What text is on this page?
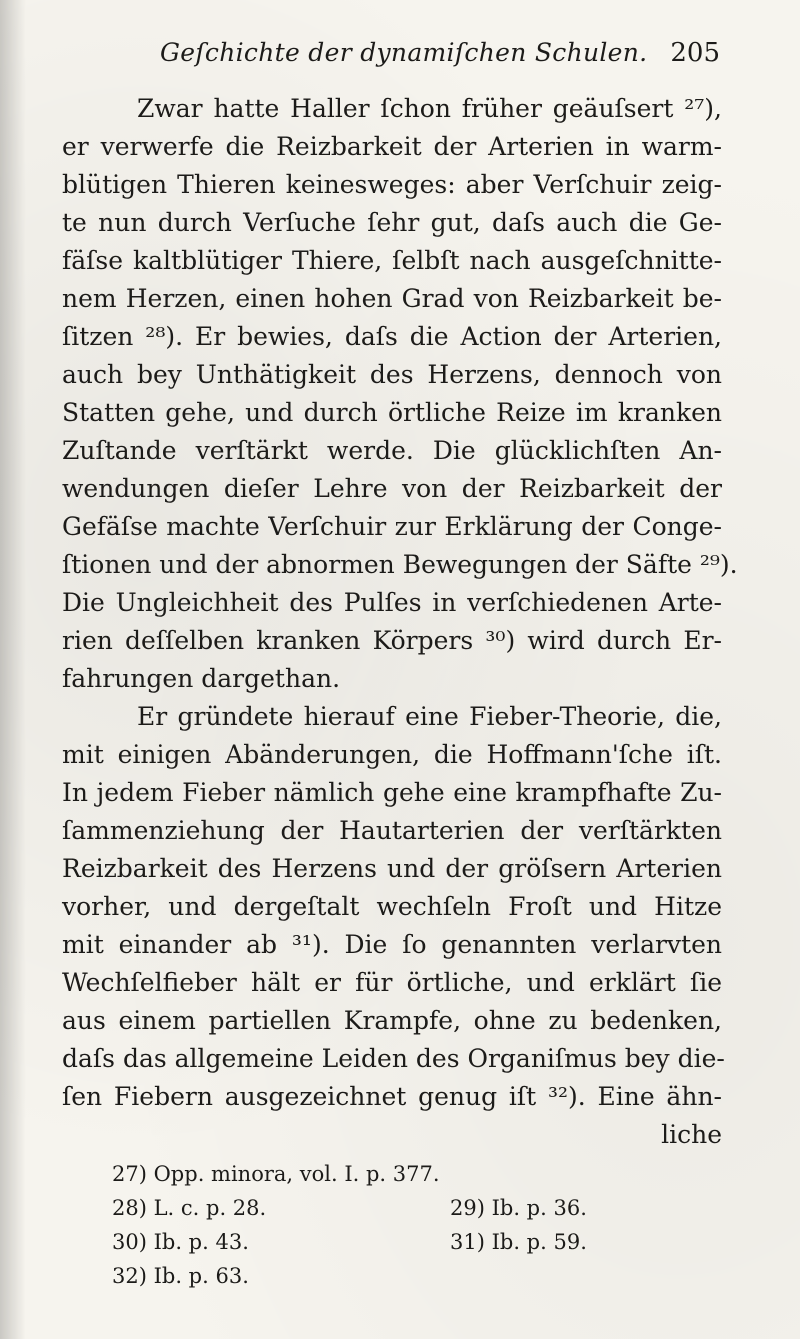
Geſchichte der dynamiſchen Schulen. 205
Zwar hatte Haller ſchon früher geäuſsert ²⁷),
er verwerfe die Reizbarkeit der Arterien in warm-
blütigen Thieren keinesweges: aber Verſchuir zeig-
te nun durch Verſuche ſehr gut, daſs auch die Ge-
fäſse kaltblütiger Thiere, ſelbſt nach ausgeſchnitte-
nem Herzen, einen hohen Grad von Reizbarkeit be-
ſitzen ²⁸). Er bewies, daſs die Action der Arterien,
auch bey Unthätigkeit des Herzens, dennoch von
Statten gehe, und durch örtliche Reize im kranken
Zuſtande verſtärkt werde. Die glücklichſten An-
wendungen dieſer Lehre von der Reizbarkeit der
Gefäſse machte Verſchuir zur Erklärung der Conge-
ſtionen und der abnormen Bewegungen der Säfte ²⁹).
Die Ungleichheit des Pulſes in verſchiedenen Arte-
rien deſſelben kranken Körpers ³⁰) wird durch Er-
fahrungen dargethan.
Er gründete hierauf eine Fieber-Theorie, die,
mit einigen Abänderungen, die Hoffmann'ſche iſt.
In jedem Fieber nämlich gehe eine krampfhafte Zu-
ſammenziehung der Hautarterien der verſtärkten
Reizbarkeit des Herzens und der gröſsern Arterien
vorher, und dergeſtalt wechſeln Froſt und Hitze
mit einander ab ³¹). Die ſo genannten verlarvten
Wechſelfieber hält er für örtliche, und erklärt ſie
aus einem partiellen Krampfe, ohne zu bedenken,
daſs das allgemeine Leiden des Organiſmus bey die-
ſen Fiebern ausgezeichnet genug iſt ³²). Eine ähn-
liche
27) Opp. minora, vol. I. p. 377.
28) L. c. p. 28.	29) Ib. p. 36.
30) Ib. p. 43.	31) Ib. p. 59.
32) Ib. p. 63.
